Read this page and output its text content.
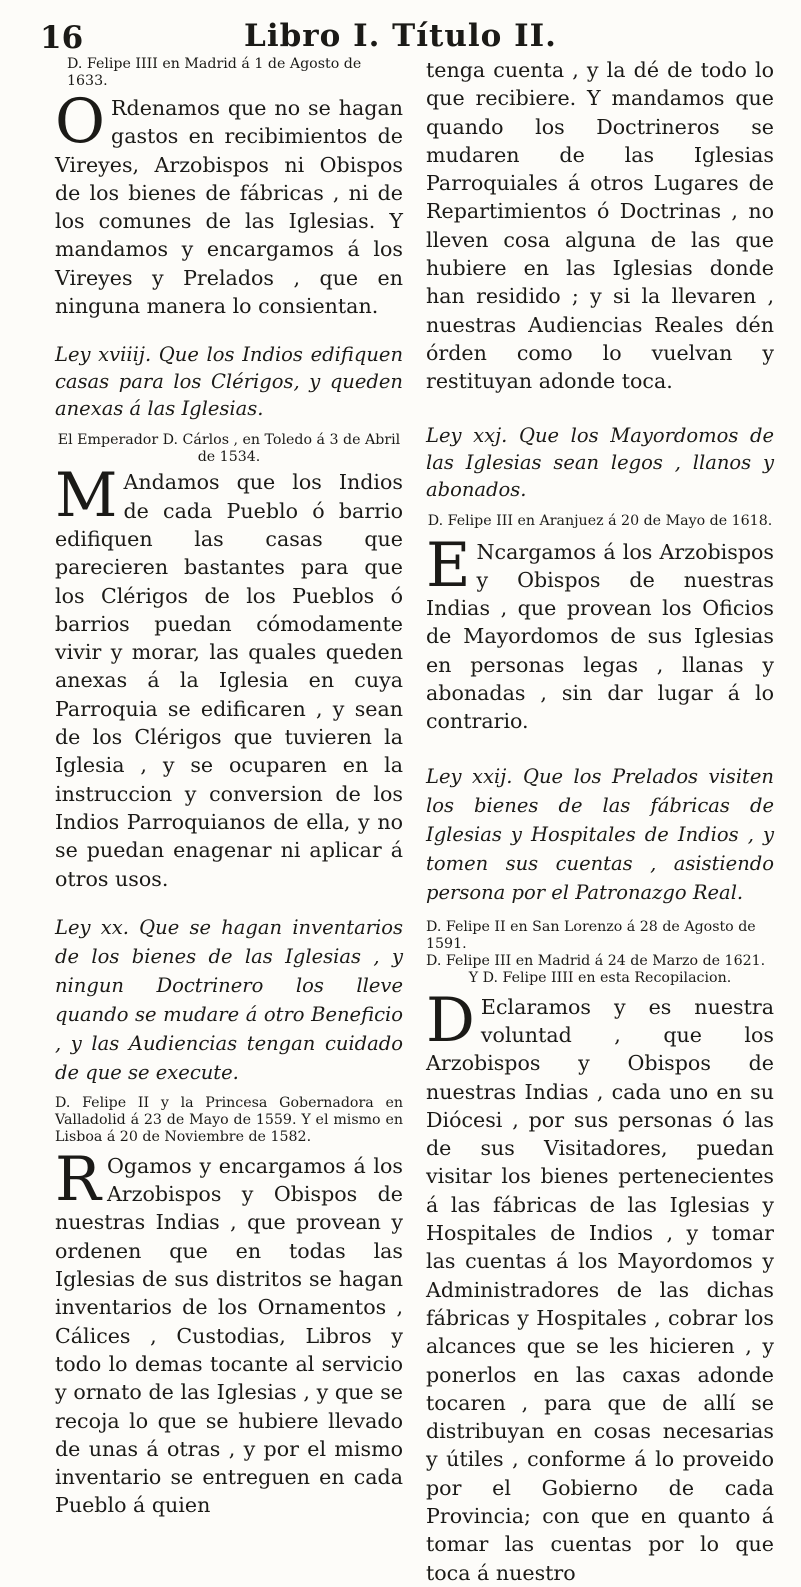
16	Libro I. Título II.

D. Felipe IIII en Madrid á 1 de Agosto de 1633.

O Rdenamos que no se hagan gastos en recibimientos de Vireyes, Arzobispos ni Obispos de los bienes de fábricas , ni de los comunes de las Iglesias. Y mandamos y encargamos á los Vireyes y Prelados , que en ninguna manera lo consientan.

Ley xviiij. Que los Indios edifiquen casas para los Clérigos, y queden anexas á las Iglesias.

El Emperador D. Cárlos , en Toledo á 3 de Abril de 1534.

M Andamos que los Indios de cada Pueblo ó barrio edifiquen las casas que parecieren bastantes para que los Clérigos de los Pueblos ó barrios puedan cómodamente vivir y morar, las quales queden anexas á la Iglesia en cuya Parroquia se edificaren , y sean de los Clérigos que tuvieren la Iglesia , y se ocuparen en la instruccion y conversion de los Indios Parroquianos de ella, y no se puedan enagenar ni aplicar á otros usos.

Ley xx. Que se hagan inventarios de los bienes de las Iglesias , y ningun Doctrinero los lleve quando se mudare á otro Beneficio , y las Audiencias tengan cuidado de que se execute.

D. Felipe II y la Princesa Gobernadora en Valladolid á 23 de Mayo de 1559. Y el mismo en Lisboa á 20 de Noviembre de 1582.

R Ogamos y encargamos á los Arzobispos y Obispos de nuestras Indias , que provean y ordenen que en todas las Iglesias de sus distritos se hagan inventarios de los Ornamentos , Cálices , Custodias, Libros y todo lo demas tocante al servicio y ornato de las Iglesias , y que se recoja lo que se hubiere llevado de unas á otras , y por el mismo inventario se entreguen en cada Pueblo á quien

tenga cuenta , y la dé de todo lo que recibiere. Y mandamos que quando los Doctrineros se mudaren de las Iglesias Parroquiales á otros Lugares de Repartimientos ó Doctrinas , no lleven cosa alguna de las que hubiere en las Iglesias donde han residido ; y si la llevaren , nuestras Audiencias Reales dén órden como lo vuelvan y restituyan adonde toca.

Ley xxj. Que los Mayordomos de las Iglesias sean legos , llanos y abonados.

D. Felipe III en Aranjuez á 20 de Mayo de 1618.

E Ncargamos á los Arzobispos y Obispos de nuestras Indias , que provean los Oficios de Mayordomos de sus Iglesias en personas legas , llanas y abonadas , sin dar lugar á lo contrario.

Ley xxij. Que los Prelados visiten los bienes de las fábricas de Iglesias y Hospitales de Indios , y tomen sus cuentas , asistiendo persona por el Patronazgo Real.

D. Felipe II en San Lorenzo á 28 de Agosto de 1591.

D. Felipe III en Madrid á 24 de Marzo de 1621.

Y D. Felipe IIII en esta Recopilacion.

D Eclaramos y es nuestra voluntad , que los Arzobispos y Obispos de nuestras Indias , cada uno en su Diócesi , por sus personas ó las de sus Visitadores, puedan visitar los bienes pertenecientes á las fábricas de las Iglesias y Hospitales de Indios , y tomar las cuentas á los Mayordomos y Administradores de las dichas fábricas y Hospitales , cobrar los alcances que se les hicieren , y ponerlos en las caxas adonde tocaren , para que de allí se distribuyan en cosas necesarias y útiles , conforme á lo proveido por el Gobierno de cada Provincia; con que en quanto á tomar las cuentas por lo que toca á nuestro
